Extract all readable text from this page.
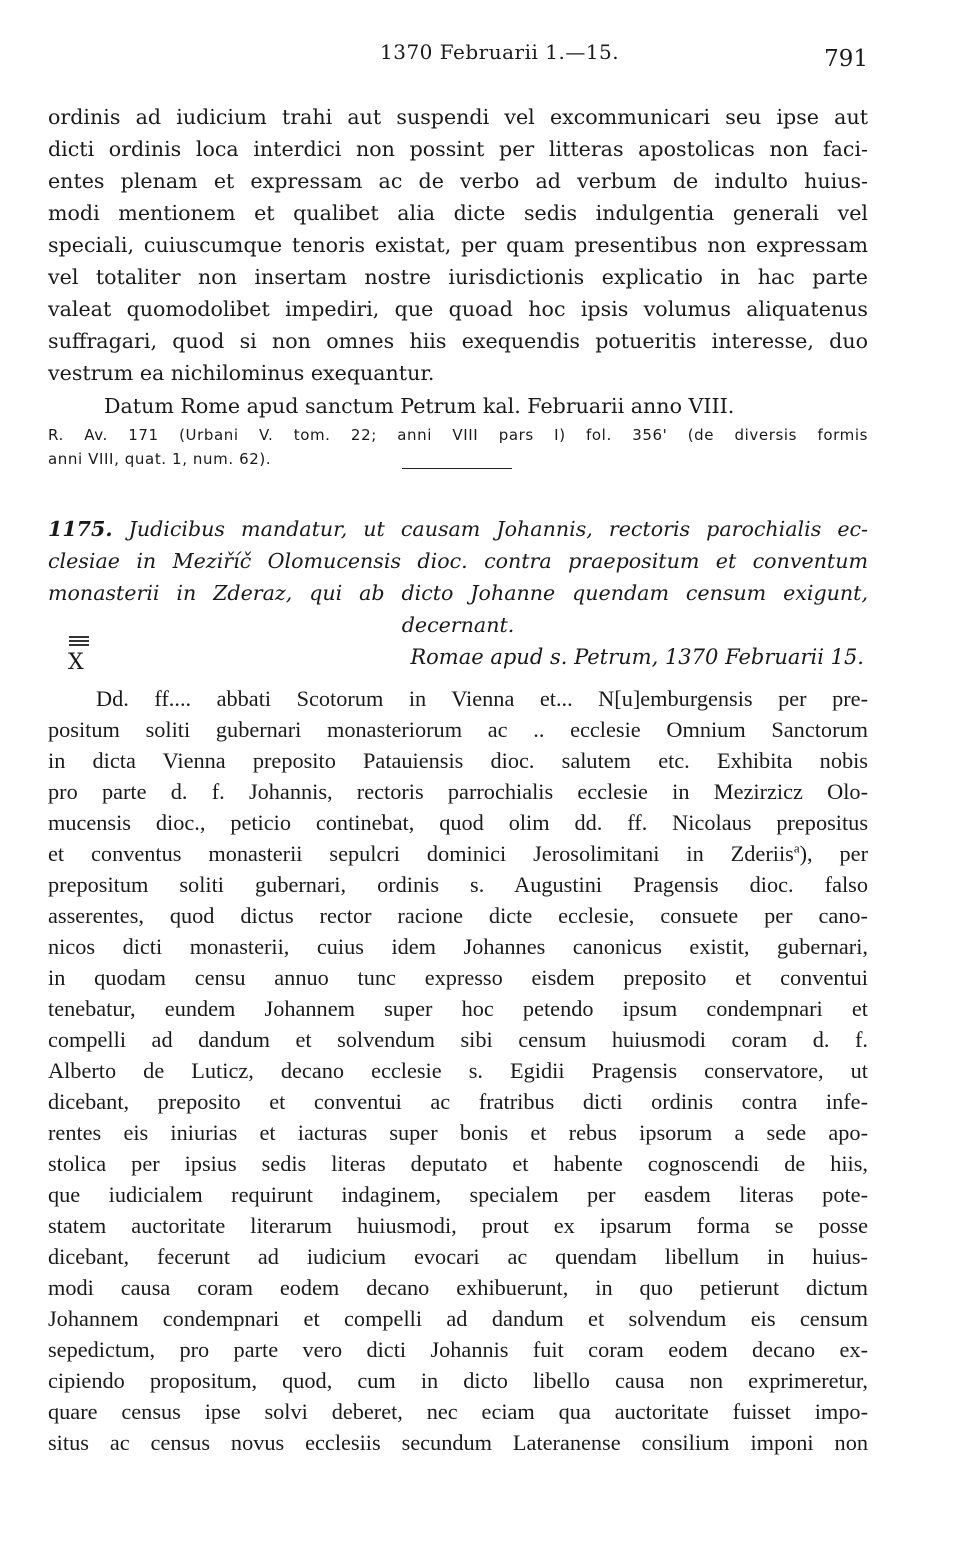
1370 Februarii 1.—15.	791
ordinis ad iudicium trahi aut suspendi vel excommunicari seu ipse aut
dicti ordinis loca interdici non possint per litteras apostolicas non faci-
entes plenam et expressam ac de verbo ad verbum de indulto huius-
modi mentionem et qualibet alia dicte sedis indulgentia generali vel
speciali, cuiuscumque tenoris existat, per quam presentibus non expressam
vel totaliter non insertam nostre iurisdictionis explicatio in hac parte
valeat quomodolibet impediri, que quoad hoc ipsis volumus aliquatenus
suffragari, quod si non omnes hiis exequendis potueritis interesse, duo
vestrum ea nichilominus exequantur.
Datum Rome apud sanctum Petrum kal. Februarii anno VIII.
R. Av. 171 (Urbani V. tom. 22; anni VIII pars I) fol. 356' (de diversis formis
anni VIII, quat. 1, num. 62).
1175. Judicibus mandatur, ut causam Johannis, rectoris parochialis ec-
clesiae in Meziříč Olomucensis dioc. contra praepositum et conventum
monasterii in Zderaz, qui ab dicto Johanne quendam censum exigunt,
decernant.
X	Romae apud s. Petrum, 1370 Februarii 15.
Dd. ff.... abbati Scotorum in Vienna et... N[u]emburgensis per pre-
positum soliti gubernari monasteriorum ac .. ecclesie Omnium Sanctorum
in dicta Vienna preposito Patauiensis dioc. salutem etc. Exhibita nobis
pro parte d. f. Johannis, rectoris parrochialis ecclesie in Mezirzicz Olo-
mucensis dioc., peticio continebat, quod olim dd. ff. Nicolaus prepositus
et conventus monasterii sepulcri dominici Jerosolimitani in Zderiis$^a$), per
prepositum soliti gubernari, ordinis s. Augustini Pragensis dioc. falso
asserentes, quod dictus rector racione dicte ecclesie, consuete per cano-
nicos dicti monasterii, cuius idem Johannes canonicus existit, gubernari,
in quodam censu annuo tunc expresso eisdem preposito et conventui
tenebatur, eundem Johannem super hoc petendo ipsum condempnari et
compelli ad dandum et solvendum sibi censum huiusmodi coram d. f.
Alberto de Luticz, decano ecclesie s. Egidii Pragensis conservatore, ut
dicebant, preposito et conventui ac fratribus dicti ordinis contra infe-
rentes eis iniurias et iacturas super bonis et rebus ipsorum a sede apo-
stolica per ipsius sedis literas deputato et habente cognoscendi de hiis,
que iudicialem requirunt indaginem, specialem per easdem literas pote-
statem auctoritate literarum huiusmodi, prout ex ipsarum forma se posse
dicebant, fecerunt ad iudicium evocari ac quendam libellum in huius-
modi causa coram eodem decano exhibuerunt, in quo petierunt dictum
Johannem condempnari et compelli ad dandum et solvendum eis censum
sepedictum, pro parte vero dicti Johannis fuit coram eodem decano ex-
cipiendo propositum, quod, cum in dicto libello causa non exprimeretur,
quare census ipse solvi deberet, nec eciam qua auctoritate fuisset impo-
situs ac census novus ecclesiis secundum Lateranense consilium imponi non
